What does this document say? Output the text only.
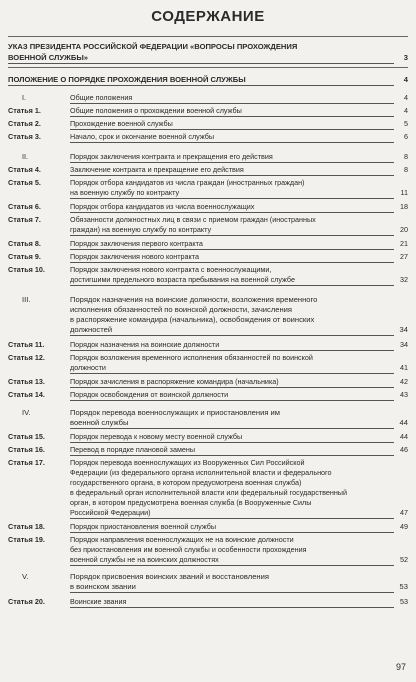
СОДЕРЖАНИЕ
УКАЗ ПРЕЗИДЕНТА РОССИЙСКОЙ ФЕДЕРАЦИИ «ВОПРОСЫ ПРОХОЖДЕНИЯ
ВОЕННОЙ СЛУЖБЫ»	3
ПОЛОЖЕНИЕ О ПОРЯДКЕ ПРОХОЖДЕНИЯ ВОЕННОЙ СЛУЖБЫ	4
I.	Общие положения	4
Статья 1.	Общие положения о прохождении военной службы	4
Статья 2.	Прохождение военной службы	5
Статья 3.	Начало, срок и окончание военной службы	6
II.	Порядок заключения контракта и прекращения его действия	8
Статья 4.	Заключение контракта и прекращение его действия	8
Статья 5.	Порядок отбора кандидатов из числа граждан (иностранных граждан)
на военную службу по контракту	11
Статья 6.	Порядок отбора кандидатов из числа военнослужащих	18
Статья 7.	Обязанности должностных лиц в связи с приемом граждан (иностранных
граждан) на военную службу по контракту	20
Статья 8.	Порядок заключения первого контракта	21
Статья 9.	Порядок заключения нового контракта	27
Статья 10.	Порядок заключения нового контракта с военнослужащими,
достигшими предельного возраста пребывания на военной службе	32
III.	Порядок назначения на воинские должности, возложения временного
исполнения обязанностей по воинской должности, зачисления
в распоряжение командира (начальника), освобождения от воинских
должностей	34
Статья 11.	Порядок назначения на воинские должности	34
Статья 12.	Порядок возложения временного исполнения обязанностей по воинской
должности	41
Статья 13.	Порядок зачисления в распоряжение командира (начальника)	42
Статья 14.	Порядок освобождения от воинской должности	43
IV.	Порядок перевода военнослужащих и приостановления им
военной службы	44
Статья 15.	Порядок перевода к новому месту военной службы	44
Статья 16.	Перевод в порядке плановой замены	46
Статья 17.	Порядок перевода военнослужащих из Вооруженных Сил Российской
Федерации (из федерального органа исполнительной власти и федерального
государственного органа, в котором предусмотрена военная служба)
в федеральный орган исполнительной власти или федеральный государственный
орган, в котором предусмотрена военная служба (в Вооруженные Силы
Российской Федерации)	47
Статья 18.	Порядок приостановления военной службы	49
Статья 19.	Порядок направления военнослужащих не на воинские должности
без приостановления им военной службы и особенности прохождения
военной службы не на воинских должностях	52
V.	Порядок присвоения воинских званий и восстановления
в воинском звании	53
Статья 20.	Воинские звания	53
97
